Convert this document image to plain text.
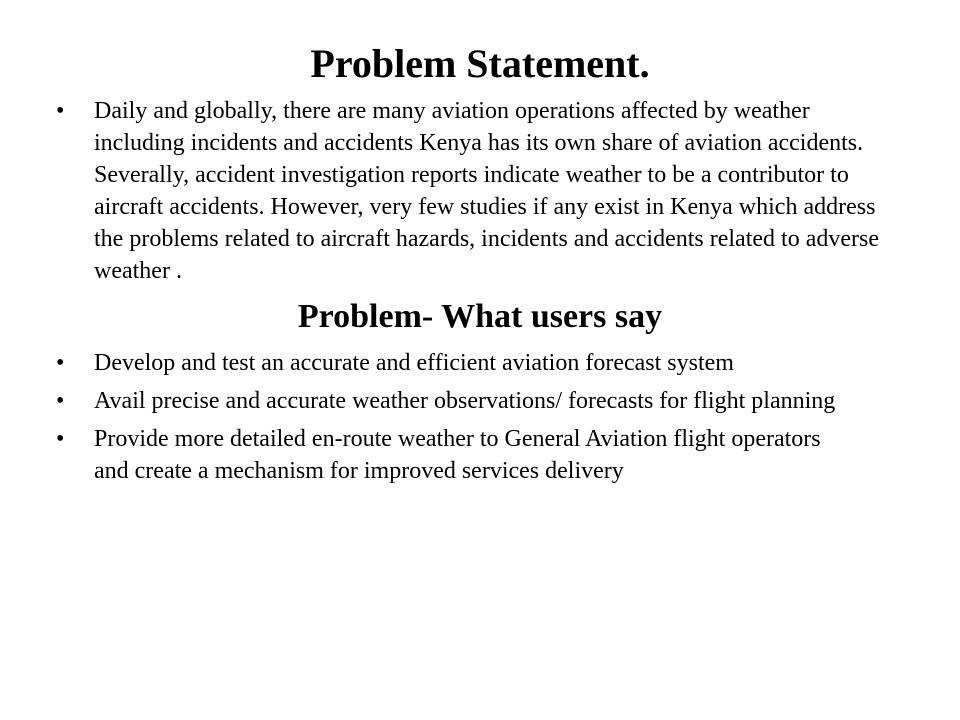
Problem Statement.
• Daily and globally, there are many aviation operations affected by weather including incidents and accidents Kenya has its own share of aviation accidents. Severally, accident investigation reports indicate weather to be a contributor to aircraft accidents. However, very few studies if any exist in Kenya which address the problems related to aircraft hazards, incidents and accidents related to adverse weather .
Problem- What users say
• Develop and test an accurate and efficient aviation forecast system
• Avail precise and accurate weather observations/ forecasts for flight planning
• Provide more detailed en-route weather to General Aviation flight operators and create a mechanism for improved services delivery
